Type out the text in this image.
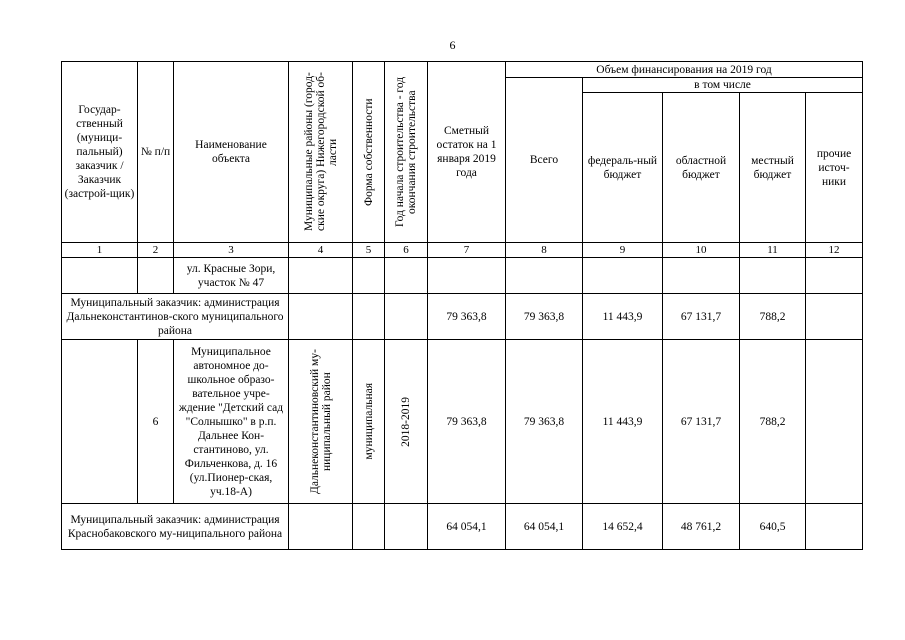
6
Государ-ственный (муници-пальный) заказчик / Заказчик (застрой-щик)	№ п/п	Наименование объекта	Муниципальные районы (город-ские округа) Нижегородской об-ласти	Форма собственности	Год начала строительства - год окончания строительства	Сметный остаток на 1 января 2019 года	Объем финансирования на 2019 год				
							Всего	в том числе			
								федераль-ный бюджет	областной бюджет	местный бюджет	прочие источ-ники
1	2	3	4	5	6	7	8	9	10	11	12
		ул. Красные Зори, участок № 47									
Муниципальный заказчик: администрация Дальнеконстантинов-ского муниципального района						79 363,8	79 363,8	11 443,9	67 131,7	788,2	
	6	Муниципальное автономное до-школьное образо-вательное учре-ждение "Детский сад "Солнышко" в р.п. Дальнее Кон-стантиново, ул. Фильченкова, д. 16 (ул.Пионер-ская, уч.18-А)	Дальнеконстантиновский му-ниципальный район	муниципальная	2018-2019	79 363,8	79 363,8	11 443,9	67 131,7	788,2	
Муниципальный заказчик: администрация Краснобаковского му-ниципального района						64 054,1	64 054,1	14 652,4	48 761,2	640,5	
